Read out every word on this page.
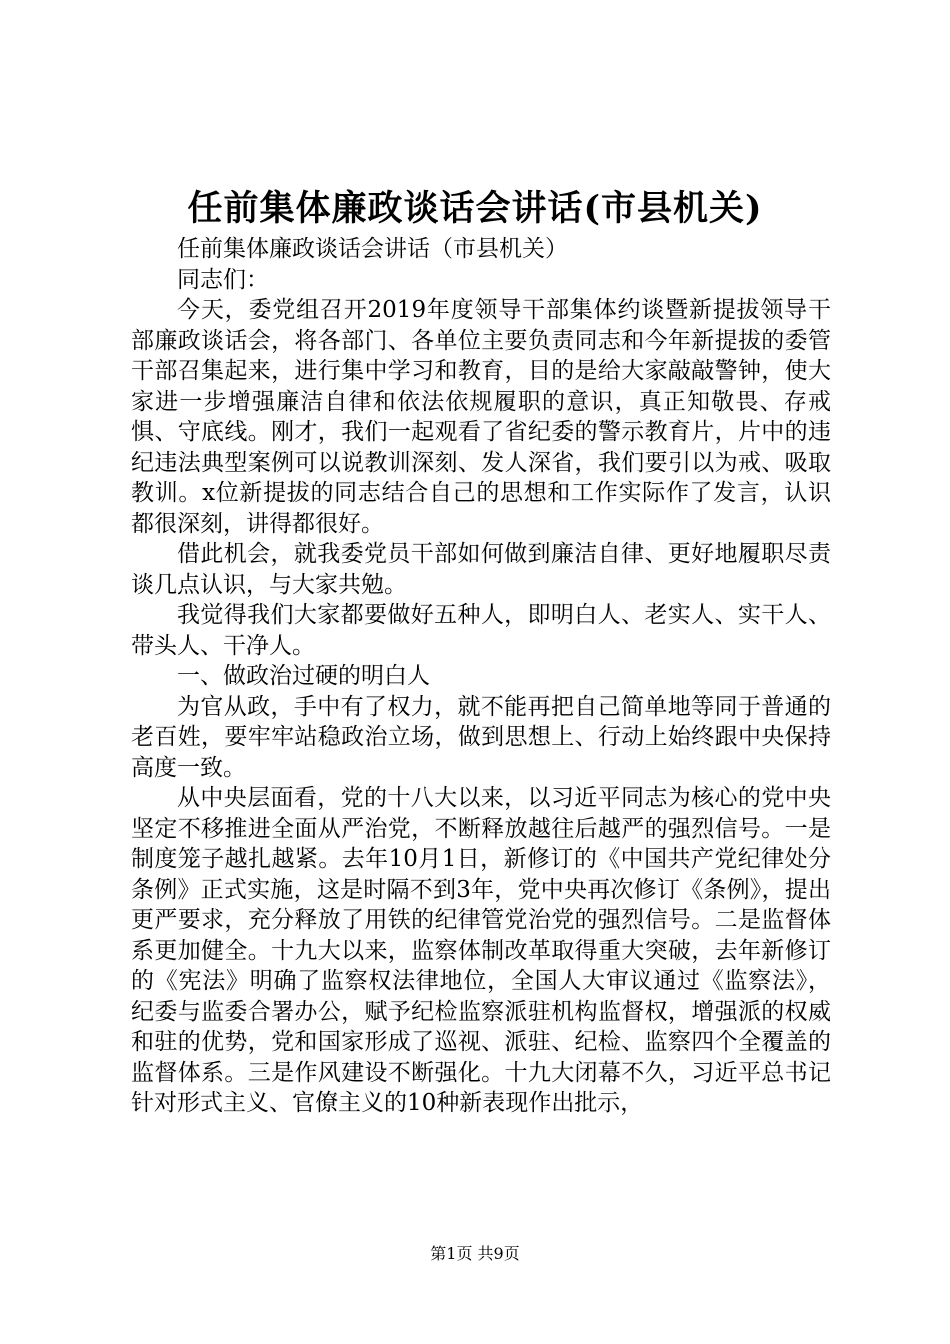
任前集体廉政谈话会讲话(市县机关)

任前集体廉政谈话会讲话（市县机关）

同志们：

今天，委党组召开2019年度领导干部集体约谈暨新提拔领导干部廉政谈话会，将各部门、各单位主要负责同志和今年新提拔的委管干部召集起来，进行集中学习和教育，目的是给大家敲敲警钟，使大家进一步增强廉洁自律和依法依规履职的意识，真正知敬畏、存戒惧、守底线。刚才，我们一起观看了省纪委的警示教育片，片中的违纪违法典型案例可以说教训深刻、发人深省，我们要引以为戒、吸取教训。x位新提拔的同志结合自己的思想和工作实际作了发言，认识都很深刻，讲得都很好。

借此机会，就我委党员干部如何做到廉洁自律、更好地履职尽责谈几点认识，与大家共勉。

我觉得我们大家都要做好五种人，即明白人、老实人、实干人、带头人、干净人。

一、做政治过硬的明白人

为官从政，手中有了权力，就不能再把自己简单地等同于普通的老百姓，要牢牢站稳政治立场，做到思想上、行动上始终跟中央保持高度一致。

从中央层面看，党的十八大以来，以习近平同志为核心的党中央坚定不移推进全面从严治党，不断释放越往后越严的强烈信号。一是制度笼子越扎越紧。去年10月1日，新修订的《中国共产党纪律处分条例》正式实施，这是时隔不到3年，党中央再次修订《条例》，提出更严要求，充分释放了用铁的纪律管党治党的强烈信号。二是监督体系更加健全。十九大以来，监察体制改革取得重大突破，去年新修订的《宪法》明确了监察权法律地位，全国人大审议通过《监察法》，纪委与监委合署办公，赋予纪检监察派驻机构监督权，增强派的权威和驻的优势，党和国家形成了巡视、派驻、纪检、监察四个全覆盖的监督体系。三是作风建设不断强化。十九大闭幕不久，习近平总书记针对形式主义、官僚主义的10种新表现作出批示，

第1页 共9页
